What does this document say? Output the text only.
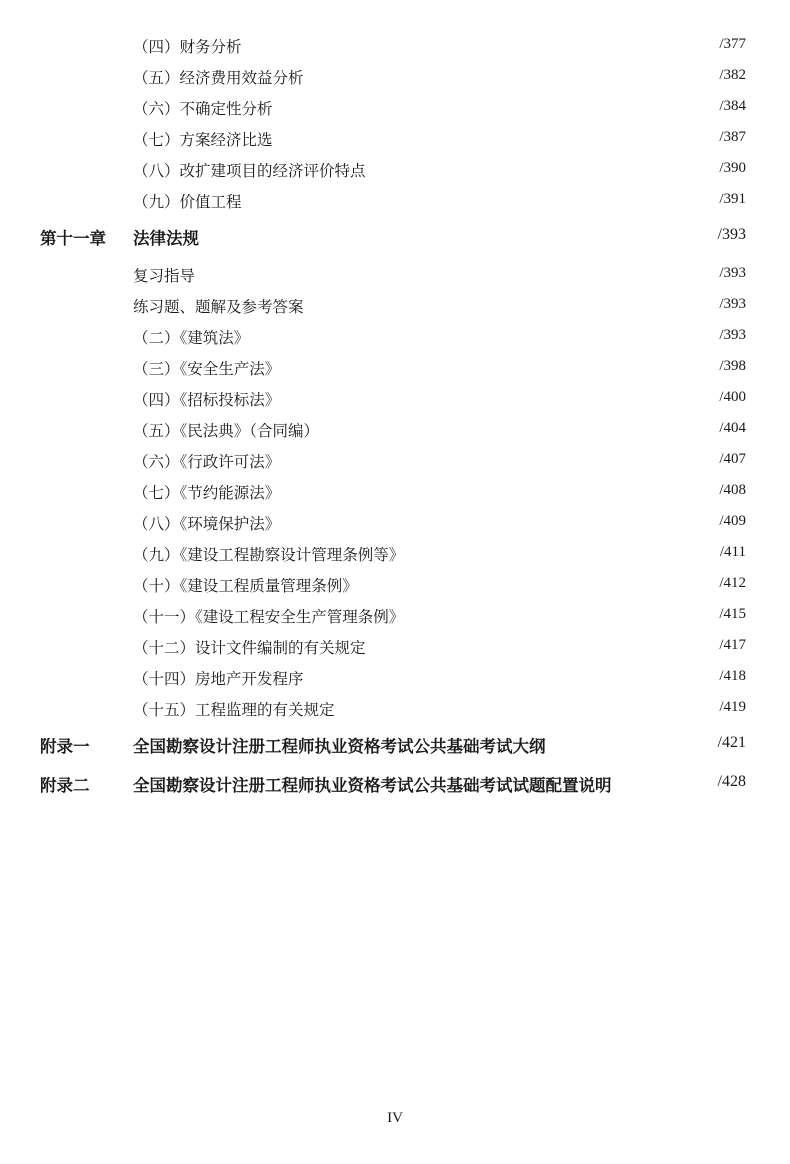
（四）财务分析	/377
（五）经济费用效益分析	/382
（六）不确定性分析	/384
（七）方案经济比选	/387
（八）改扩建项目的经济评价特点	/390
（九）价值工程	/391
第十一章 法律法规	/393
复习指导	/393
练习题、题解及参考答案	/393
（二）《建筑法》	/393
（三）《安全生产法》	/398
（四）《招标投标法》	/400
（五）《民法典》（合同编）	/404
（六）《行政许可法》	/407
（七）《节约能源法》	/408
（八）《环境保护法》	/409
（九）《建设工程勘察设计管理条例等》	/411
（十）《建设工程质量管理条例》	/412
（十一）《建设工程安全生产管理条例》	/415
（十二）设计文件编制的有关规定	/417
（十四）房地产开发程序	/418
（十五）工程监理的有关规定	/419
附录一	全国勘察设计注册工程师执业资格考试公共基础考试大纲	/421
附录二	全国勘察设计注册工程师执业资格考试公共基础考试试题配置说明	/428
IV
